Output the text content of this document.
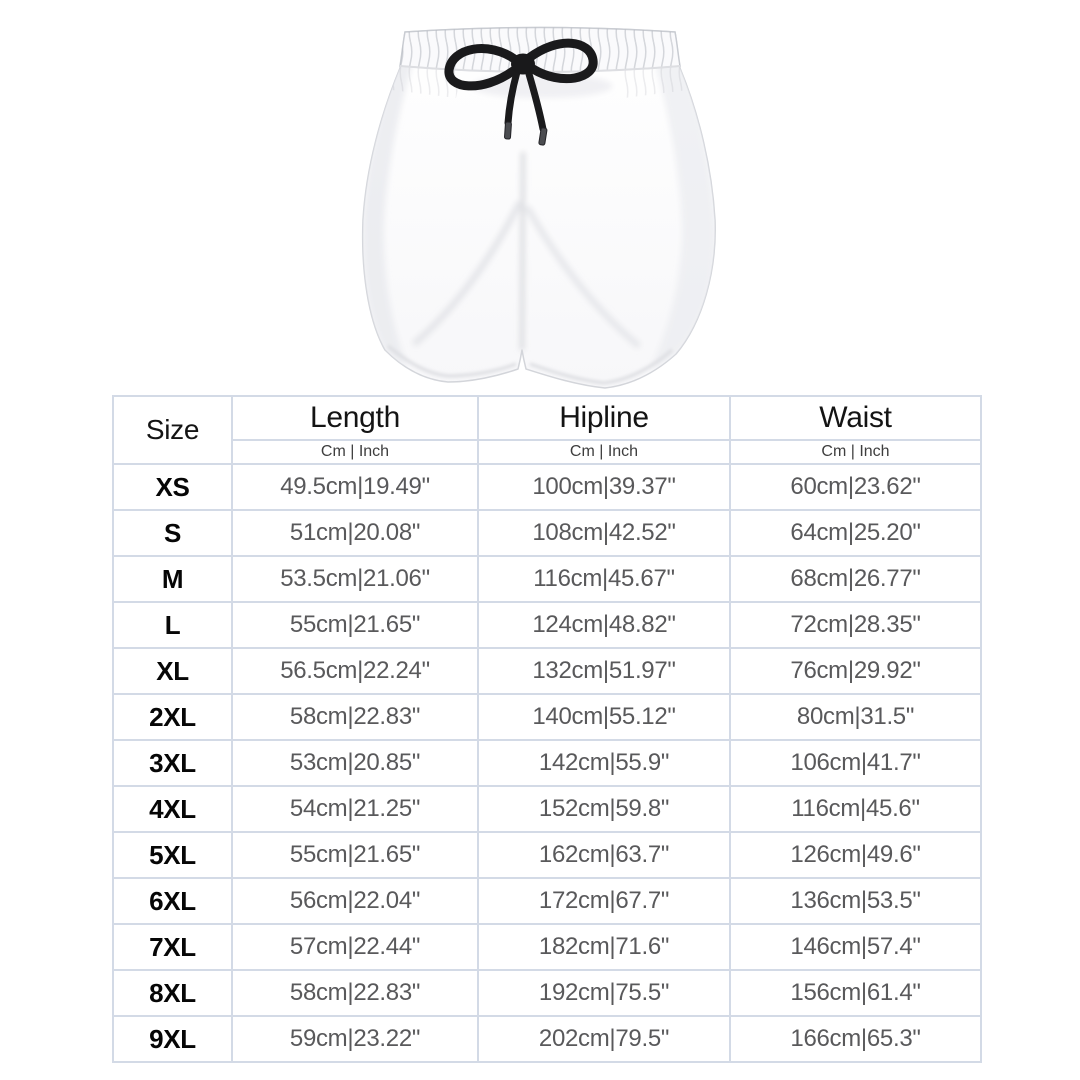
Size	Length	Hipline	Waist
	Cm | Inch	Cm | Inch	Cm | Inch
XS	49.5cm|19.49"	100cm|39.37"	60cm|23.62"
S	51cm|20.08"	108cm|42.52"	64cm|25.20"
M	53.5cm|21.06"	116cm|45.67"	68cm|26.77"
L	55cm|21.65"	124cm|48.82"	72cm|28.35"
XL	56.5cm|22.24"	132cm|51.97"	76cm|29.92"
2XL	58cm|22.83"	140cm|55.12"	80cm|31.5"
3XL	53cm|20.85"	142cm|55.9"	106cm|41.7"
4XL	54cm|21.25"	152cm|59.8"	116cm|45.6"
5XL	55cm|21.65"	162cm|63.7"	126cm|49.6"
6XL	56cm|22.04"	172cm|67.7"	136cm|53.5"
7XL	57cm|22.44"	182cm|71.6"	146cm|57.4"
8XL	58cm|22.83"	192cm|75.5"	156cm|61.4"
9XL	59cm|23.22"	202cm|79.5"	166cm|65.3"
